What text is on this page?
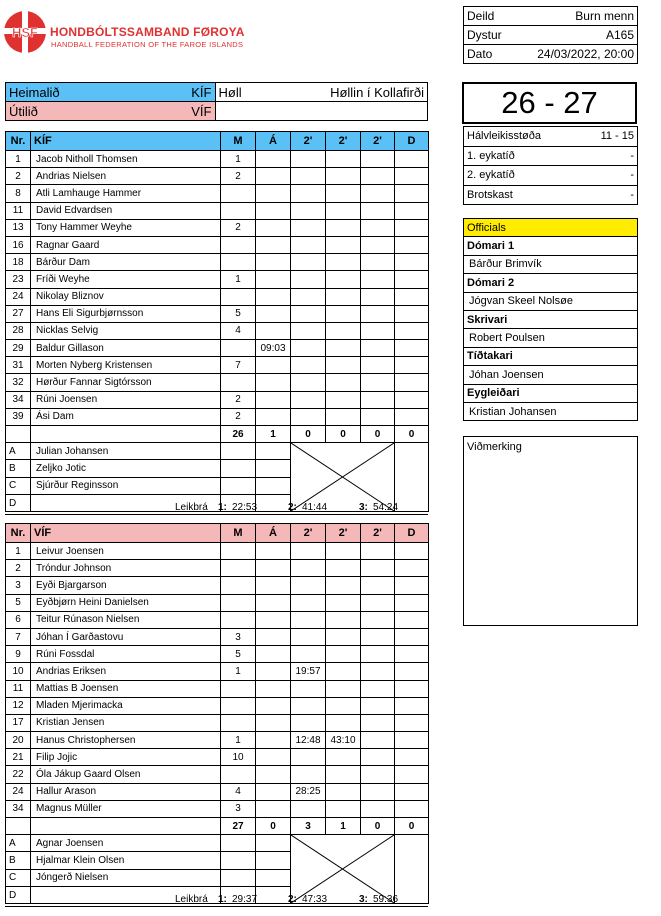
HSF HONDBÓLTSSAMBAND FØROYA
HANDBALL FEDERATION OF THE FAROE ISLANDS
Deild	Burn menn
Dystur	A165
Dato	24/03/2022, 20:00
Heimalið KÍF	Høll Høllin í Kollafirði

Útilið VÍF	
		26 - 27
Hálvleikisstøða	11 - 15
1. eykatíð	-
2. eykatíð	-
Brotskast	-
Officials
Dómari 1
Bárður Brimvík
Dómari 2
Jógvan Skeel Nolsøe
Skrivari
Robert Poulsen
Tíðtakari
Jóhan Joensen
Eygleiðari
Kristian Johansen
Viðmerking
Nr.	KÍF	M	Á	2'	2'	2'	D
1	Jacob Nitholl Thomsen	1					
2	Andrias Nielsen	2					
8	Atli Lamhauge Hammer						
11	David Edvardsen						
13	Tony Hammer Weyhe	2					
16	Ragnar Gaard						
18	Bárður Dam						
23	Fríði Weyhe	1					
24	Nikolay Bliznov						
27	Hans Eli Sigurbjørnsson	5					
28	Nicklas Selvig	4					
29	Baldur Gillason		09:03				
31	Morten Nyberg Kristensen	7					
32	Hørður Fannar Sigtórsson						
34	Rúni Joensen	2					
39	Ási Dam	2					
		26	1	0	0	0	0
A	Julian Johansen			

B	Zeljko Jotic						
C	Sjúrður Reginsson						
D								Leikbrá 1: 22:53	2: 41:44	3: 54:24
Nr.	VÍF	M	Á	2'	2'	2'	D
1	Leivur Joensen						
2	Tróndur Johnson						
3	Eyði Bjargarson						
5	Eyðbjørn Heini Danielsen						
6	Teitur Rúnason Nielsen						
7	Jóhan Í Garðastovu	3					
9	Rúni Fossdal	5					
10	Andrias Eriksen	1		19:57			
11	Mattias B Joensen						
12	Mladen Mjerimacka						
17	Kristian Jensen						
20	Hanus Christophersen	1		12:48	43:10		
21	Filip Jojic	10					
22	Óla Jákup Gaard Olsen						
24	Hallur Arason	4		28:25			
34	Magnus Müller	3					
		27	0	3	1	0	0
A	Agnar Joensen			

B	Hjalmar Klein Olsen						
C	Jóngerð Nielsen						
D								Leikbrá 1: 29:37	2: 47:33	3: 59:36
